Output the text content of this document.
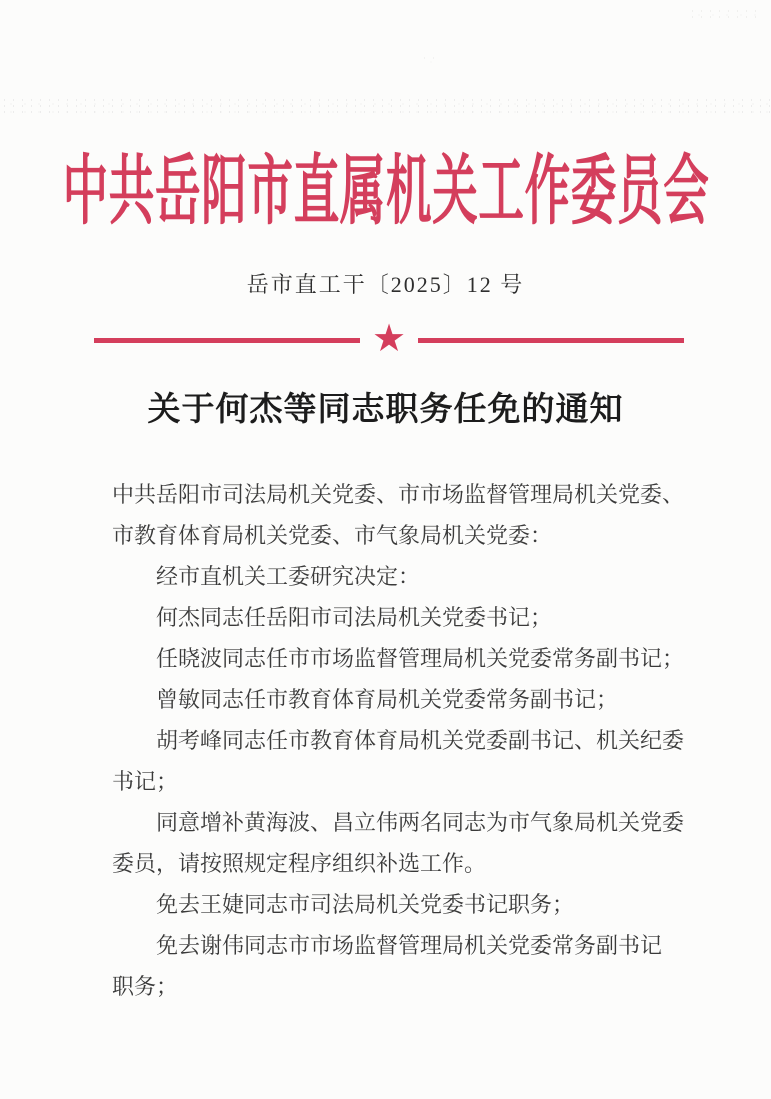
中共岳阳市直属机关工作委员会
岳市直工干〔2025〕12 号
★
关于何杰等同志职务任免的通知

中共岳阳市司法局机关党委、市市场监督管理局机关党委、市教育体育局机关党委、市气象局机关党委：

经市直机关工委研究决定：

何杰同志任岳阳市司法局机关党委书记；

任晓波同志任市市场监督管理局机关党委常务副书记；

曾敏同志任市教育体育局机关党委常务副书记；

胡考峰同志任市教育体育局机关党委副书记、机关纪委书记；

同意增补黄海波、昌立伟两名同志为市气象局机关党委委员，请按照规定程序组织补选工作。

免去王婕同志市司法局机关党委书记职务；

免去谢伟同志市市场监督管理局机关党委常务副书记职务；
